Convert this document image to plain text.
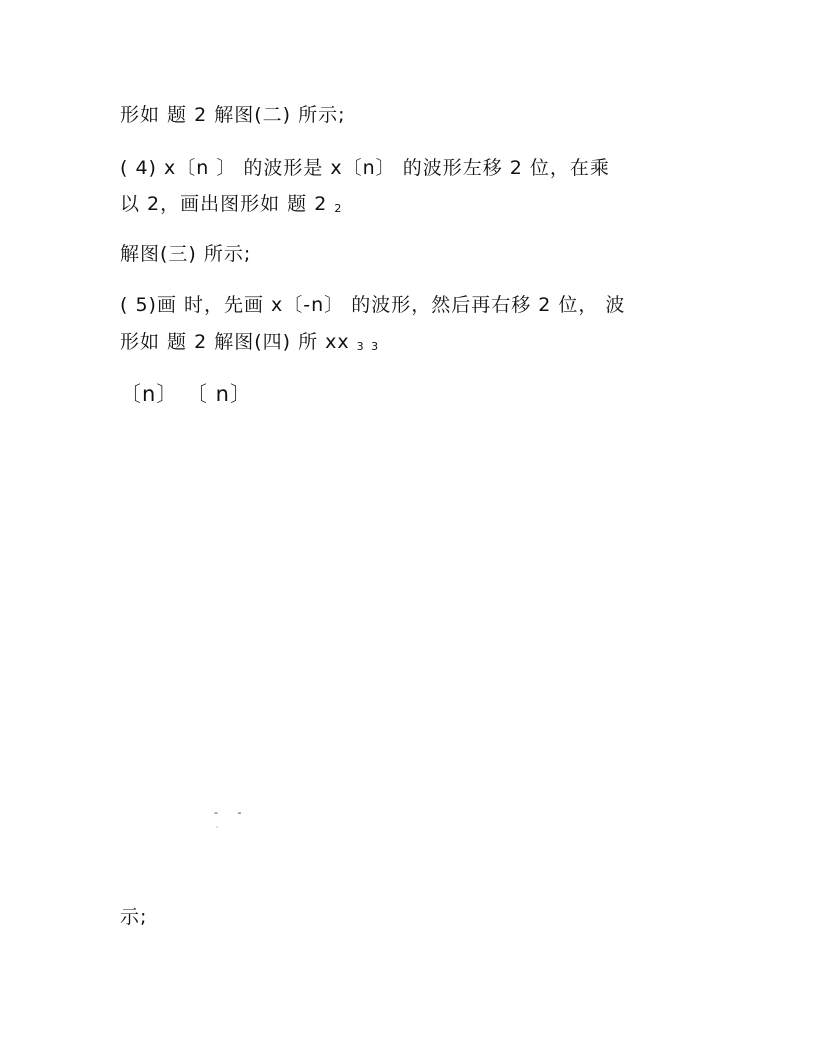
形如 题 2 解图(二) 所示;
( 4) x〔n 〕 的波形是 x〔n〕 的波形左移 2 位，在乘
以 2，画出图形如 题 2 2
解图(三) 所示;
( 5)画 时，先画 x〔-n〕 的波形，然后再右移 2 位， 波
形如 题 2 解图(四) 所 xx 3 3
〔n〕 〔 n〕
- -
示;
